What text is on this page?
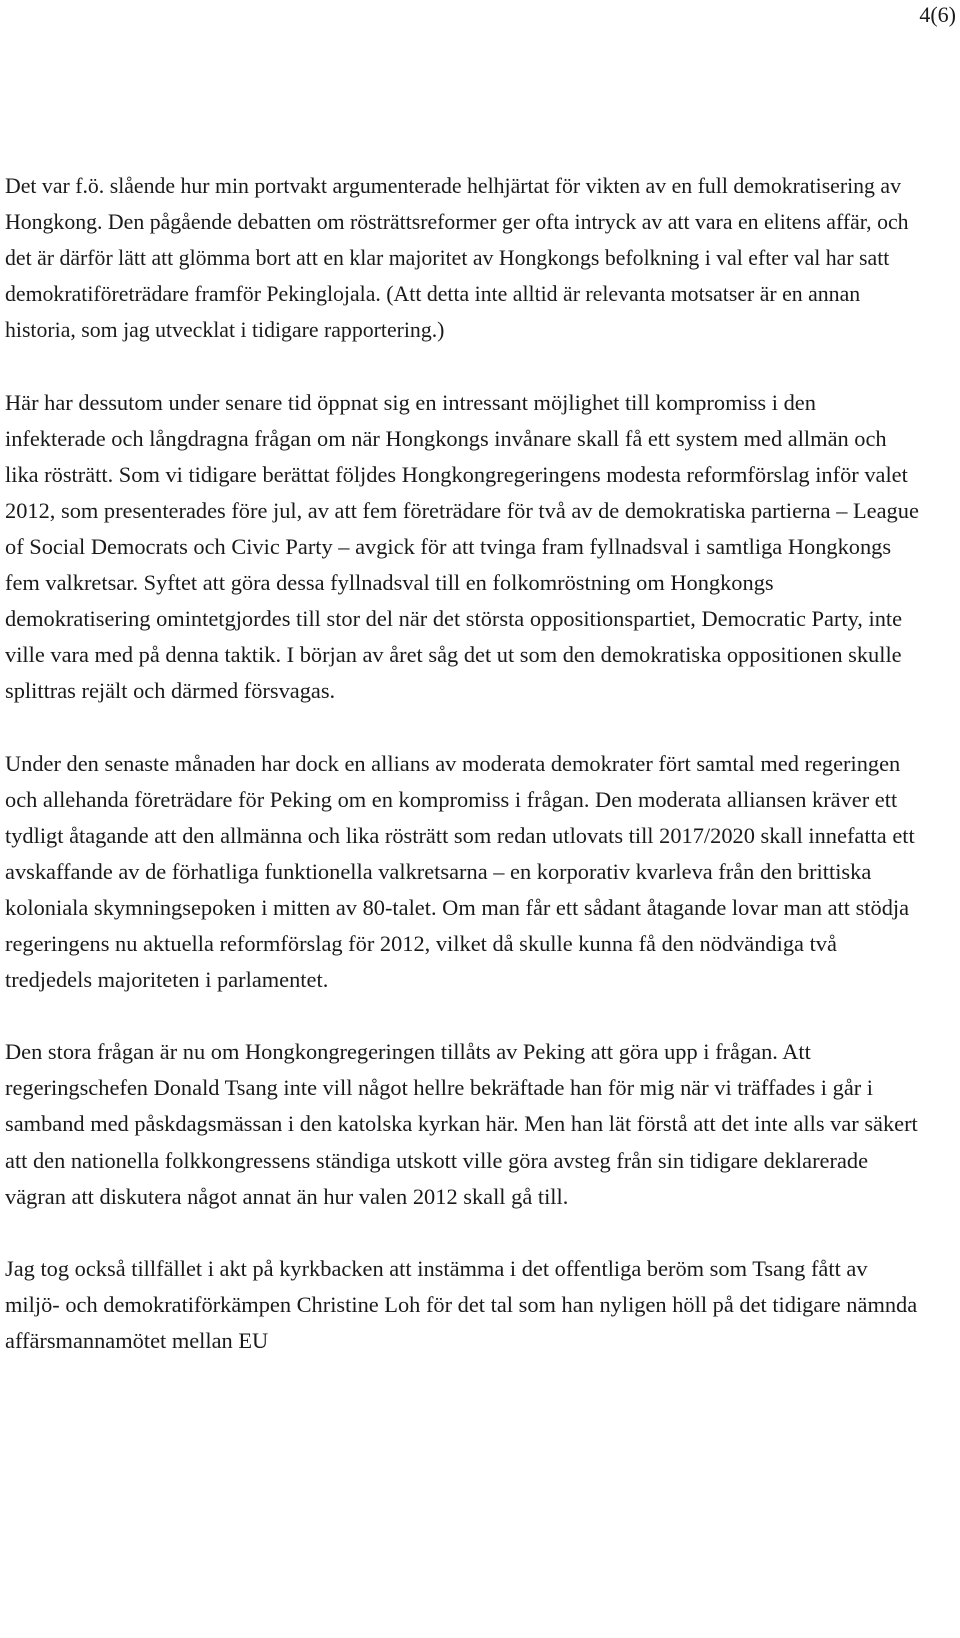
4(6)

Det var f.ö. slående hur min portvakt argumenterade helhjärtat för vikten av en full demokratisering av Hongkong. Den pågående debatten om rösträttsreformer ger ofta intryck av att vara en elitens affär, och det är därför lätt att glömma bort att en klar majoritet av Hongkongs befolkning i val efter val har satt demokratiföreträdare framför Pekinglojala. (Att detta inte alltid är relevanta motsatser är en annan historia, som jag utvecklat i tidigare rapportering.)

Här har dessutom under senare tid öppnat sig en intressant möjlighet till kompromiss i den infekterade och långdragna frågan om när Hongkongs invånare skall få ett system med allmän och lika rösträtt. Som vi tidigare berättat följdes Hongkongregeringens modesta reformförslag inför valet 2012, som presenterades före jul, av att fem företrädare för två av de demokratiska partierna – League of Social Democrats och Civic Party – avgick för att tvinga fram fyllnadsval i samtliga Hongkongs fem valkretsar. Syftet att göra dessa fyllnadsval till en folkomröstning om Hongkongs demokratisering omintetgjordes till stor del när det största oppositionspartiet, Democratic Party, inte ville vara med på denna taktik. I början av året såg det ut som den demokratiska oppositionen skulle splittras rejält och därmed försvagas.

Under den senaste månaden har dock en allians av moderata demokrater fört samtal med regeringen och allehanda företrädare för Peking om en kompromiss i frågan. Den moderata alliansen kräver ett tydligt åtagande att den allmänna och lika rösträtt som redan utlovats till 2017/2020 skall innefatta ett avskaffande av de förhatliga funktionella valkretsarna – en korporativ kvarleva från den brittiska koloniala skymningsepoken i mitten av 80-talet. Om man får ett sådant åtagande lovar man att stödja regeringens nu aktuella reformförslag för 2012, vilket då skulle kunna få den nödvändiga två tredjedels majoriteten i parlamentet.

Den stora frågan är nu om Hongkongregeringen tillåts av Peking att göra upp i frågan. Att regeringschefen Donald Tsang inte vill något hellre bekräftade han för mig när vi träffades i går i samband med påskdagsmässan i den katolska kyrkan här. Men han lät förstå att det inte alls var säkert att den nationella folkkongressens ständiga utskott ville göra avsteg från sin tidigare deklarerade vägran att diskutera något annat än hur valen 2012 skall gå till.

Jag tog också tillfället i akt på kyrkbacken att instämma i det offentliga beröm som Tsang fått av miljö- och demokratiförkämpen Christine Loh för det tal som han nyligen höll på det tidigare nämnda affärsmannamötet mellan EU
